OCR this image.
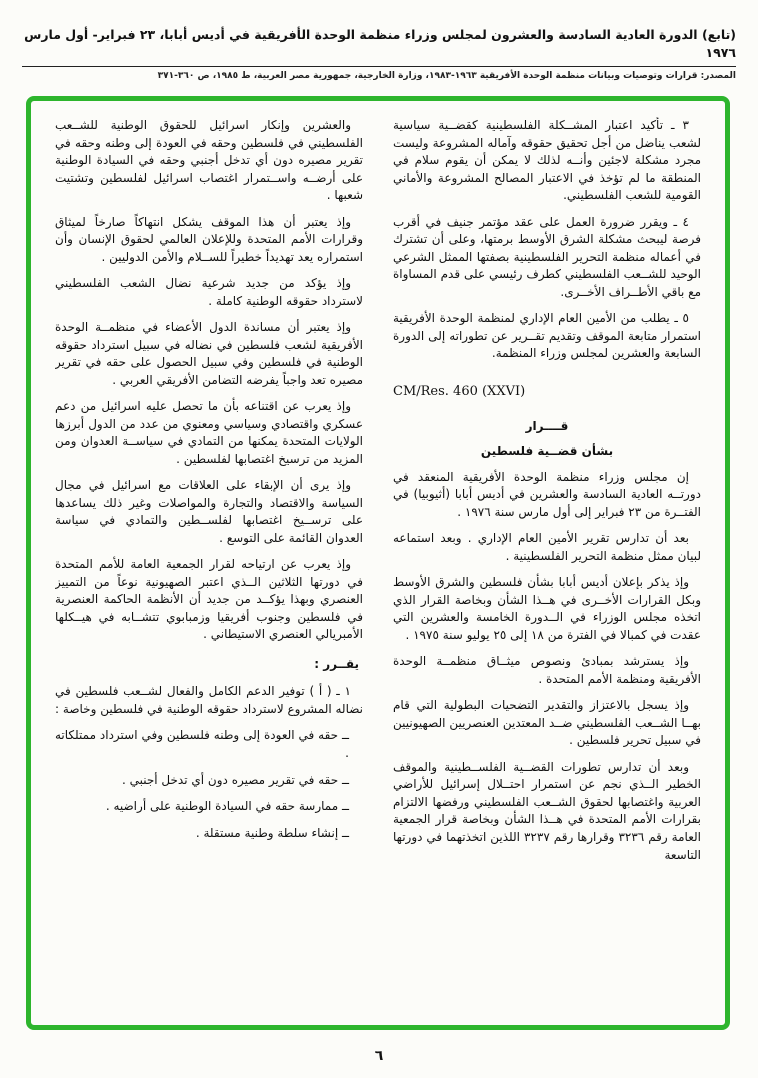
(تابع) الدورة العادية السادسة والعشرون لمجلس وزراء منظمة الوحدة الأفريقية في أديس أبابا، ٢٣ فبراير- أول مارس ١٩٧٦
المصدر: قرارات وتوصيات وبيانات منظمة الوحدة الأفريقية ١٩٦٣-١٩٨٣، وزارة الخارجية، جمهورية مصر العربية، ط ١٩٨٥، ص ٣٦٠-٣٧١

٣ ـ تأكيد اعتبار المشــكلة الفلسطينية كقضــية سياسية لشعب يناضل من أجل تحقيق حقوقه وآماله المشروعة وليست مجرد مشكلة لاجئين وأنــه لذلك لا يمكن أن يقوم سلام في المنطقة ما لم تؤخذ في الاعتبار المصالح المشروعة والأماني القومية للشعب الفلسطيني.

٤ ـ ويقرر ضرورة العمل على عقد مؤتمر جنيف في أقرب فرصة ليبحث مشكلة الشرق الأوسط برمتها، وعلى أن تشترك في أعماله منظمة التحرير الفلسطينية بصفتها الممثل الشرعي الوحيد للشــعب الفلسطيني كطرف رئيسي على قدم المساواة مع باقي الأطــراف الأخــرى.

٥ ـ يطلب من الأمين العام الإداري لمنظمة الوحدة الأفريقية استمرار متابعة الموقف وتقديم تقــرير عن تطوراته إلى الدورة السابعة والعشرين لمجلس وزراء المنظمة.

CM/Res. 460 (XXVI)

قــــرار

بشأن قضــية فلسطين

إن مجلس وزراء منظمة الوحدة الأفريقية المنعقد في دورتــه العادية السادسة والعشرين في أديس أبابا (أثيوبيا) في الفتــرة من ٢٣ فبراير إلى أول مارس سنة ١٩٧٦ .

بعد أن تدارس تقرير الأمين العام الإداري . وبعد استماعه لبيان ممثل منظمة التحرير الفلسطينية .

وإذ يذكر بإعلان أديس أبابا بشأن فلسطين والشرق الأوسط وبكل القرارات الأخــرى في هــذا الشأن وبخاصة القرار الذي اتخذه مجلس الوزراء في الــدورة الخامسة والعشرين التي عقدت في كمبالا في الفترة من ١٨ إلى ٢٥ يوليو سنة ١٩٧٥ .

وإذ يسترشد بمبادئ ونصوص ميثــاق منظمــة الوحدة الأفريقية ومنظمة الأمم المتحدة .

وإذ يسجل بالاعتزاز والتقدير التضحيات البطولية التي قام بهــا الشــعب الفلسطيني ضــد المعتدين العنصريين الصهيونيين في سبيل تحرير فلسطين .

وبعد أن تدارس تطورات القضــية الفلســطينية والموقف الخطير الــذي نجم عن استمرار احتــلال إسرائيل للأراضي العربية واغتصابها لحقوق الشــعب الفلسطيني ورفضها الالتزام بقرارات الأمم المتحدة في هــذا الشأن وبخاصة قرار الجمعية العامة رقم ٣٢٣٦ وقرارها رقم ٣٢٣٧ اللذين اتخذتهما في دورتها التاسعة

والعشرين وإنكار اسرائيل للحقوق الوطنية للشــعب الفلسطيني في فلسطين وحقه في العودة إلى وطنه وحقه في تقرير مصيره دون أي تدخل أجنبي وحقه في السيادة الوطنية على أرضــه واســتمرار اغتصاب اسرائيل لفلسطين وتشتيت شعبها .

وإذ يعتبر أن هذا الموقف يشكل انتهاكاً صارخاً لميثاق وقرارات الأمم المتحدة وللإعلان العالمي لحقوق الإنسان وأن استمراره يعد تهديداً خطيراً للســلام والأمن الدوليين .

وإذ يؤكد من جديد شرعية نضال الشعب الفلسطيني لاسترداد حقوقه الوطنية كاملة .

وإذ يعتبر أن مساندة الدول الأعضاء في منظمــة الوحدة الأفريقية لشعب فلسطين في نضاله في سبيل استرداد حقوقه الوطنية في فلسطين وفي سبيل الحصول على حقه في تقرير مصيره تعد واجباً يفرضه التضامن الأفريقي العربي .

وإذ يعرب عن اقتناعه بأن ما تحصل عليه اسرائيل من دعم عسكري واقتصادي وسياسي ومعنوي من عدد من الدول أبرزها الولايات المتحدة يمكنها من التمادي في سياســة العدوان ومن المزيد من ترسيخ اغتصابها لفلسطين .

وإذ يرى أن الإبقاء على العلاقات مع اسرائيل في مجال السياسة والاقتصاد والتجارة والمواصلات وغير ذلك يساعدها على ترســيخ اغتصابها لفلســطين والتمادي في سياسة العدوان القائمة على التوسع .

وإذ يعرب عن ارتياحه لقرار الجمعية العامة للأمم المتحدة في دورتها الثلاثين الــذي اعتبر الصهيونية نوعاً من التمييز العنصري وبهذا يؤكــد من جديد أن الأنظمة الحاكمة العنصرية في فلسطين وجنوب أفريقيا وزمبابوي تتشــابه في هيــكلها الأمبريالي العنصري الاستيطاني .

يقــرر :

١ ـ ( أ ) توفير الدعم الكامل والفعال لشــعب فلسطين في نضاله المشروع لاسترداد حقوقه الوطنية في فلسطين وخاصة :

ــ حقه في العودة إلى وطنه فلسطين وفي استرداد ممتلكاته .

ــ حقه في تقرير مصيره دون أي تدخل أجنبي .

ــ ممارسة حقه في السيادة الوطنية على أراضيه .

ــ إنشاء سلطة وطنية مستقلة .

٦
